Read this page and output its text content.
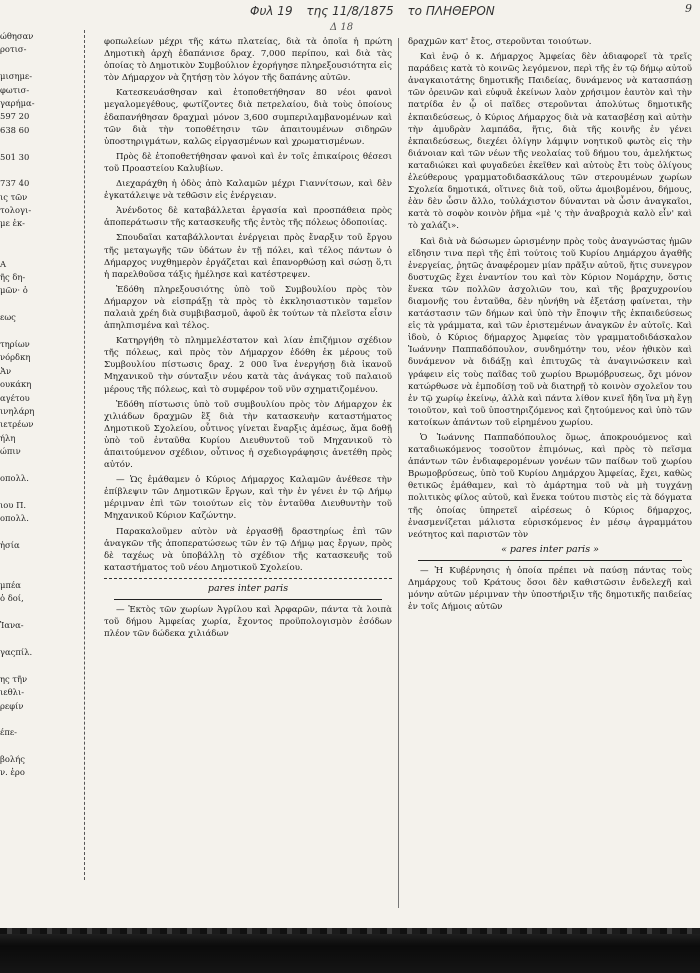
Φυλ 19 της 11/8/1875 το ΠΛΗΘΕΡΟΝ	9
Δ 18
ώθησαν
ροτισ-
μισημε-
φωτισ-
γαρήμα-
597 20
638 60
501 30
737 40
ις τῶν
τολογι-
με ἐκ-
Α
ῆς δη-
μῶν· ὁ
εως
τηρίων
νόρδκη
Ἀν
ουκάκη
αγέτου
ινηλάρη
ιετρέων
ήλη
ώπιν
οπολλ.
ιου Π.
οπολλ.
ἡσία
μπέα
ὁ δοί,
Ἰανα-
γαςπίλ.
ης τῆν
ιεθλι-
ρεφίν
έπε-
βολής
ν. ἑρο

φοπωλείων μέχρι τῆς κάτω πλατείας, διὰ τὰ ὁποῖα ἡ πρώτη Δημοτικὴ ἀρχὴ ἐδαπάνισε δραχ. 7,000 περίπου, καὶ διὰ τὰς ὁποίας τὸ Δημοτικὸν Συμβούλιον ἐχορήγησε πληρεξουσιότητα εἰς τὸν Δήμαρχον νὰ ζητήσῃ τὸν λόγον τῆς δαπάνης αὐτῶν.

Κατεσκευάσθησαν καὶ ἐτοποθετήθησαν 80 νέοι φανοὶ μεγαλομεγέθους, φωτίζοντες διὰ πετρελαίου, διὰ τοὺς ὁποίους ἐδαπανήθησαν δραχμαὶ μόνον 3,600 συμπεριλαμβανομένων καὶ τῶν διὰ τὴν τοποθέτησιν τῶν ἀπαιτουμένων σιδηρῶν ὑποστηριγμάτων, καλῶς εἰργασμένων καὶ χρωματισμένων.

Πρὸς δὲ ἐτοποθετήθησαν φανοὶ καὶ ἐν τοῖς ἐπικαίροις θέσεσι τοῦ Προαστείου Καλυβίων.

Διεχαράχθη ἡ ὁδὸς ἀπὸ Καλαμῶν μέχρι Γιαννίτσων, καὶ δὲν ἐγκατάλειψε νὰ τεθῶσιν εἰς ἐνέργειαν.

Ἀνένδοτος δὲ καταβάλλεται ἐργασία καὶ προσπάθεια πρὸς ἀποπεράτωσιν τῆς κατασκευῆς τῆς ἐντὸς τῆς πόλεως ὁδοποιίας.

Σπουδαῖαι καταβάλλονται ἐνέργειαι πρὸς ἔναρξιν τοῦ ἔργου τῆς μεταγωγῆς τῶν ὑδάτων ἐν τῇ πόλει, καὶ τέλος πάντων ὁ Δήμαρχος νυχθημερὸν ἐργάζεται καὶ ἐπανορθώσῃ καὶ σώσῃ ὅ,τι ἡ παρελθοῦσα τάξις ἠμέλησε καὶ κατέστρεψεν.

Ἐδόθη πληρεξουσιότης ὑπὸ τοῦ Συμβουλίου πρὸς τὸν Δήμαρχον νὰ εἰσπράξῃ τὰ πρὸς τὸ ἐκκλησιαστικὸν ταμεῖον παλαιὰ χρέη διὰ συμβιβασμοῦ, ἀφοῦ ἐκ τούτων τὰ πλεῖστα εἶσιν ἀπηλπισμένα καὶ τέλος.

Κατηργήθη τὸ πλημμελέστατον καὶ λίαν ἐπιζήμιον σχέδιον τῆς πόλεως, καὶ πρὸς τὸν Δήμαρχον ἐδόθη ἐκ μέρους τοῦ Συμβουλίου πίστωσις δραχ. 2 000 ἵνα ἐνεργήσῃ διὰ ἱκανοῦ Μηχανικοῦ τὴν σύνταξιν νέου κατὰ τὰς ἀνάγκας τοῦ παλαιοῦ μέρους τῆς πόλεως, καὶ τὸ συμφέρον τοῦ νῦν σχηματιζομένου.

Ἐδόθη πίστωσις ὑπὸ τοῦ συμβουλίου πρὸς τὸν Δήμαρχον ἐκ χιλιάδων δραχμῶν ἓξ διὰ τὴν κατασκευὴν καταστήματος Δημοτικοῦ Σχολείου, οὗτινος γίνεται ἔναρξις ἀμέσως, ἅμα δοθῇ ὑπὸ τοῦ ἐνταῦθα Κυρίου Διευθυντοῦ τοῦ Μηχανικοῦ τὸ ἀπαιτούμενον σχέδιον, οὗτινος ἡ σχεδιογράφησις ἀνετέθη πρὸς αὐτόν.

— Ὡς ἐμάθαμεν ὁ Κύριος Δήμαρχος Καλαμῶν ἀνέθεσε τὴν ἐπίβλεψιν τῶν Δημοτικῶν ἔργων, καὶ τὴν ἐν γένει ἐν τῷ Δήμῳ μέριμναν ἐπὶ τῶν τοιούτων εἰς τὸν ἐνταῦθα Διευθυντὴν τοῦ Μηχανικοῦ Κύριον Καζώντην.

Παρακαλοῦμεν αὐτὸν νὰ ἐργασθῇ δραστηρίως ἐπὶ τῶν ἀναγκῶν τῆς ἀποπερατώσεως τῶν ἐν τῷ Δήμῳ μας ἔργων, πρὸς δὲ ταχέως νὰ ὑποβάλλῃ τὸ σχέδιον τῆς κατασκευῆς τοῦ καταστήματος τοῦ νέου Δημοτικοῦ Σχολείου.

pares inter paris

— Ἐκτὸς τῶν χωρίων Ἀγρίλου καὶ Ἀρφαρῶν, πάντα τὰ λοιπὰ τοῦ δήμου Ἀμφείας χωρία, ἔχοντος προϋπολογισμὸν ἐσόδων πλέον τῶν δώδεκα χιλιάδων

δραχμῶν κατ' ἔτος, στεροῦνται τοιούτων.

Καὶ ἐνῷ ὁ κ. Δήμαρχος Ἀμφείας δὲν ἀδιαφορεῖ τὰ τρεῖς παράδεις κατὰ τὸ κοινῶς λεγόμενον, περὶ τῆς ἐν τῷ δήμῳ αὐτοῦ ἀναγκαιοτάτης δημοτικῆς Παιδείας, δυνάμενος νὰ κατασπάσῃ τῶν ὀρεινῶν καὶ εὐφυᾶ ἐκείνων λαὸν χρήσιμον ἑαυτὸν καὶ τὴν πατρίδα ἐν ᾧ οἱ παῖδες στεροῦνται ἀπολύτως δημοτικῆς ἐκπαιδεύσεως, ὁ Κύριος Δήμαρχος διὰ νὰ κατασβέσῃ καὶ αὐτὴν τὴν ἀμυδρὰν λαμπάδα, ἥτις, διὰ τῆς κοινῆς ἐν γένει ἐκπαιδεύσεως, διεχέει ὀλίγην λάμψιν νοητικοῦ φωτὸς εἰς τὴν διάνοιαν καὶ τῶν νέων τῆς νεολαίας τοῦ δήμου του, ἀμελήκτως καταδιώκει καὶ φυγαδεύει ἐκεῖθεν καὶ αὐτοὺς ἔτι τοὺς ὀλίγους ἐλεύθερους γραμματοδιδασκάλους τῶν στερουμένων χωρίων Σχολεία δημοτικά, οἵτινες διὰ τοῦ, οὕτω ἀμοιβομένου, δήμους, ἐὰν δὲν ὦσιν ἄλλο, τοὐλάχιστον δύνανται νὰ ὦσιν ἀναγκαῖοι, κατὰ τὸ σοφὸν κοινὸν ῥῆμα «μὲ 'ς τὴν ἀναβροχιὰ καλὸ εἶν' καὶ τὸ χαλάζι».

Καὶ διὰ νὰ δώσωμεν ὡρισμένην πρὸς τοὺς ἀναγνώστας ἡμῶν εἴδησιν τινα περὶ τῆς ἐπὶ τούτοις τοῦ Κυρίου Δημάρχου ἀγαθῆς ἐνεργείας, ῥητῶς ἀναφέρομεν μίαν πρᾶξιν αὐτοῦ, ἥτις συνεγρον δυστυχῶς ἔχει ἐναντίον του καὶ τὸν Κύριον Νομάρχην, ὅστις ἕνεκα τῶν πολλῶν ἀσχολιῶν του, καὶ τῆς βραχυχρονίου διαμονῆς του ἐνταῦθα, δὲν ηὐνήθη νὰ ἐξετάσῃ φαίνεται, τὴν κατάστασιν τῶν δήμων καὶ ὑπὸ τὴν ἔποψιν τῆς ἐκπαιδεύσεως εἰς τὰ γράμματα, καὶ τῶν ἐριστεμένων ἀναγκῶν ἐν αὐτοῖς. Καὶ ἰδοὺ, ὁ Κύριος δήμαρχος Ἀμφείας τὸν γραμματοδιδάσκαλον Ἰωάννην Παππαδόπουλον, συνδημότην του, νέον ἠθικὸν καὶ δυνάμενον νὰ διδάξῃ καὶ ἐπιτυχῶς τὰ ἀναγινώσκειν καὶ γράφειν εἰς τοὺς παῖδας τοῦ χωρίου Βρωμόβρυσεως, ὄχι μόνον κατώρθωσε νὰ ἐμποδίσῃ τοῦ νὰ διατηρῇ τὸ κοινὸν σχολεῖον του ἐν τῷ χωρίῳ ἐκείνῳ, ἀλλὰ καὶ πάντα λίθον κινεῖ ἤδη ἵνα μὴ ἔγῃ τοιοῦτον, καὶ τοῦ ὑποστηριζόμενος καὶ ζητούμενος καὶ ὑπὸ τῶν κατοίκων ἁπάντων τοῦ εἰρημένου χωρίου.

Ὁ Ἰωάννης Παππαδόπουλος ὅμως, ἀποκρουόμενος καὶ καταδιωκόμενος τοσοῦτον ἐπιμόνως, καὶ πρὸς τὸ πεῖσμα ἁπάντων τῶν ἐνδιαφερομένων γονέων τῶν παίδων τοῦ χωρίου Βρωμοβρύσεως, ὑπὸ τοῦ Κυρίου Δημάρχου Ἀμφείας, ἔχει, καθὼς θετικῶς ἐμάθαμεν, καὶ τὸ ἁμάρτημα τοῦ νὰ μὴ τυγχάνῃ πολιτικὸς φίλος αὐτοῦ, καὶ ἕνεκα τούτου πιστὸς εἰς τὰ δόγματα τῆς ὁποίας ὑπηρετεῖ αἱρέσεως ὁ Κύριος δήμαρχος, ἐνασμενίζεται μάλιστα εὑρισκόμενος ἐν μέσῳ ἀγραμμάτου νεότητος καὶ παριστῶν τὸν

« pares inter paris »

— Ἡ Κυβέρνησις ἡ ὁποία πρέπει νὰ παύσῃ πάντας τοὺς Δημάρχους τοῦ Κράτους ὅσοι δὲν καθιστῶσιν ἐνδελεχῆ καὶ μόνην αὐτῶν μέριμναν τὴν ὑποστήριξιν τῆς δημοτικῆς παιδείας ἐν τοῖς Δήμοις αὐτῶν
